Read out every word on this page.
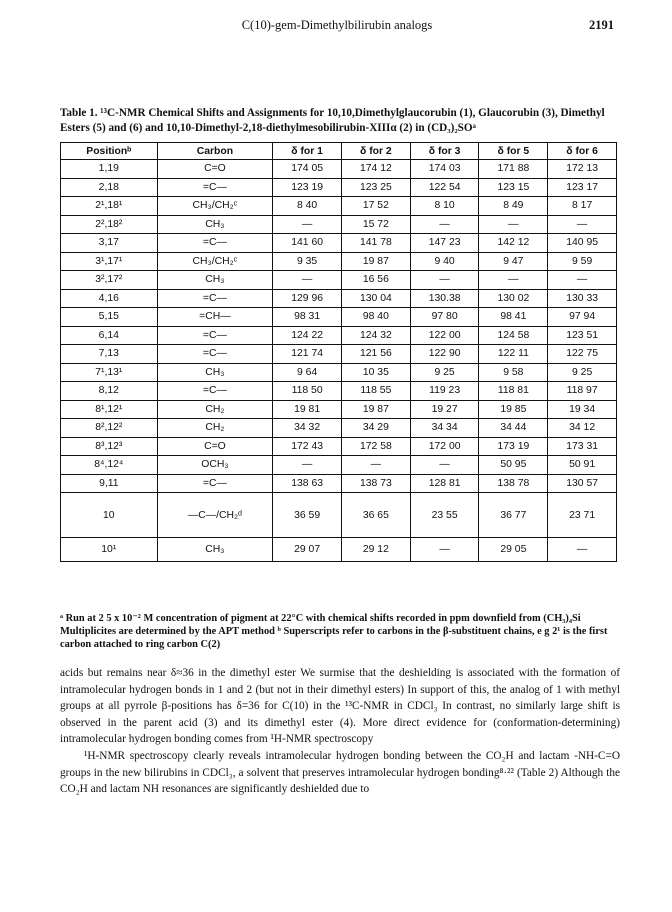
C(10)-gem-Dimethylbilirubin analogs	2191
Table 1. ¹³C-NMR Chemical Shifts and Assignments for 10,10,Dimethylglaucorubin (1), Glaucorubin (3), Dimethyl Esters (5) and (6) and 10,10-Dimethyl-2,18-diethylmesobilirubin-XIIIα (2) in (CD₃)₂SOᵃ
Positionᵇ	Carbon	δ for 1	δ for 2	δ for 3	δ for 5	δ for 6
1,19	C=O	174 05	174 12	174 03	171 88	172 13
2,18	=C—	123 19	123 25	122 54	123 15	123 17
2¹,18¹	CH₃/CH₂ᶜ	8 40	17 52	8 10	8 49	8 17
2²,18²	CH₃	—	15 72	—	—	—
3,17	=C—	141 60	141 78	147 23	142 12	140 95
3¹,17¹	CH₃/CH₂ᶜ	9 35	19 87	9 40	9 47	9 59
3²,17²	CH₃	—	16 56	—	—	—
4,16	=C—	129 96	130 04	130.38	130 02	130 33
5,15	=CH—	98 31	98 40	97 80	98 41	97 94
6,14	=C—	124 22	124 32	122 00	124 58	123 51
7,13	=C—	121 74	121 56	122 90	122 11	122 75
7¹,13¹	CH₃	9 64	10 35	9 25	9 58	9 25
8,12	=C—	118 50	118 55	119 23	118 81	118 97
8¹,12¹	CH₂	19 81	19 87	19 27	19 85	19 34
8²,12²	CH₂	34 32	34 29	34 34	34 44	34 12
8³,12³	C=O	172 43	172 58	172 00	173 19	173 31
8⁴,12⁴	OCH₃	—	—	—	50 95	50 91
9,11	=C—	138 63	138 73	128 81	138 78	130 57
10	—C—/CH₂ᵈ	36 59	36 65	23 55	36 77	23 71
10¹	CH₃	29 07	29 12	—	29 05	—
ᵃ Run at 2 5 x 10⁻² M concentration of pigment at 22°C with chemical shifts recorded in ppm downfield from (CH₃)₄Si Multiplicites are determined by the APT method ᵇ Superscripts refer to carbons in the β-substituent chains, e g 2¹ is the first carbon attached to ring carbon C(2)

acids but remains near δ≈36 in the dimethyl ester We surmise that the deshielding is associated with the formation of intramolecular hydrogen bonds in 1 and 2 (but not in their dimethyl esters) In support of this, the analog of 1 with methyl groups at all pyrrole β-positions has δ=36 for C(10) in the ¹³C-NMR in CDCl₃ In contrast, no similarly large shift is observed in the parent acid (3) and its dimethyl ester (4). More direct evidence for (conformation-determining) intramolecular hydrogen bonding comes from ¹H-NMR spectroscopy

¹H-NMR spectroscopy clearly reveals intramolecular hydrogen bonding between the CO₂H and lactam -NH-C=O groups in the new bilirubins in CDCl₃, a solvent that preserves intramolecular hydrogen bonding⁸·²² (Table 2) Although the CO₂H and lactam NH resonances are significantly deshielded due to
